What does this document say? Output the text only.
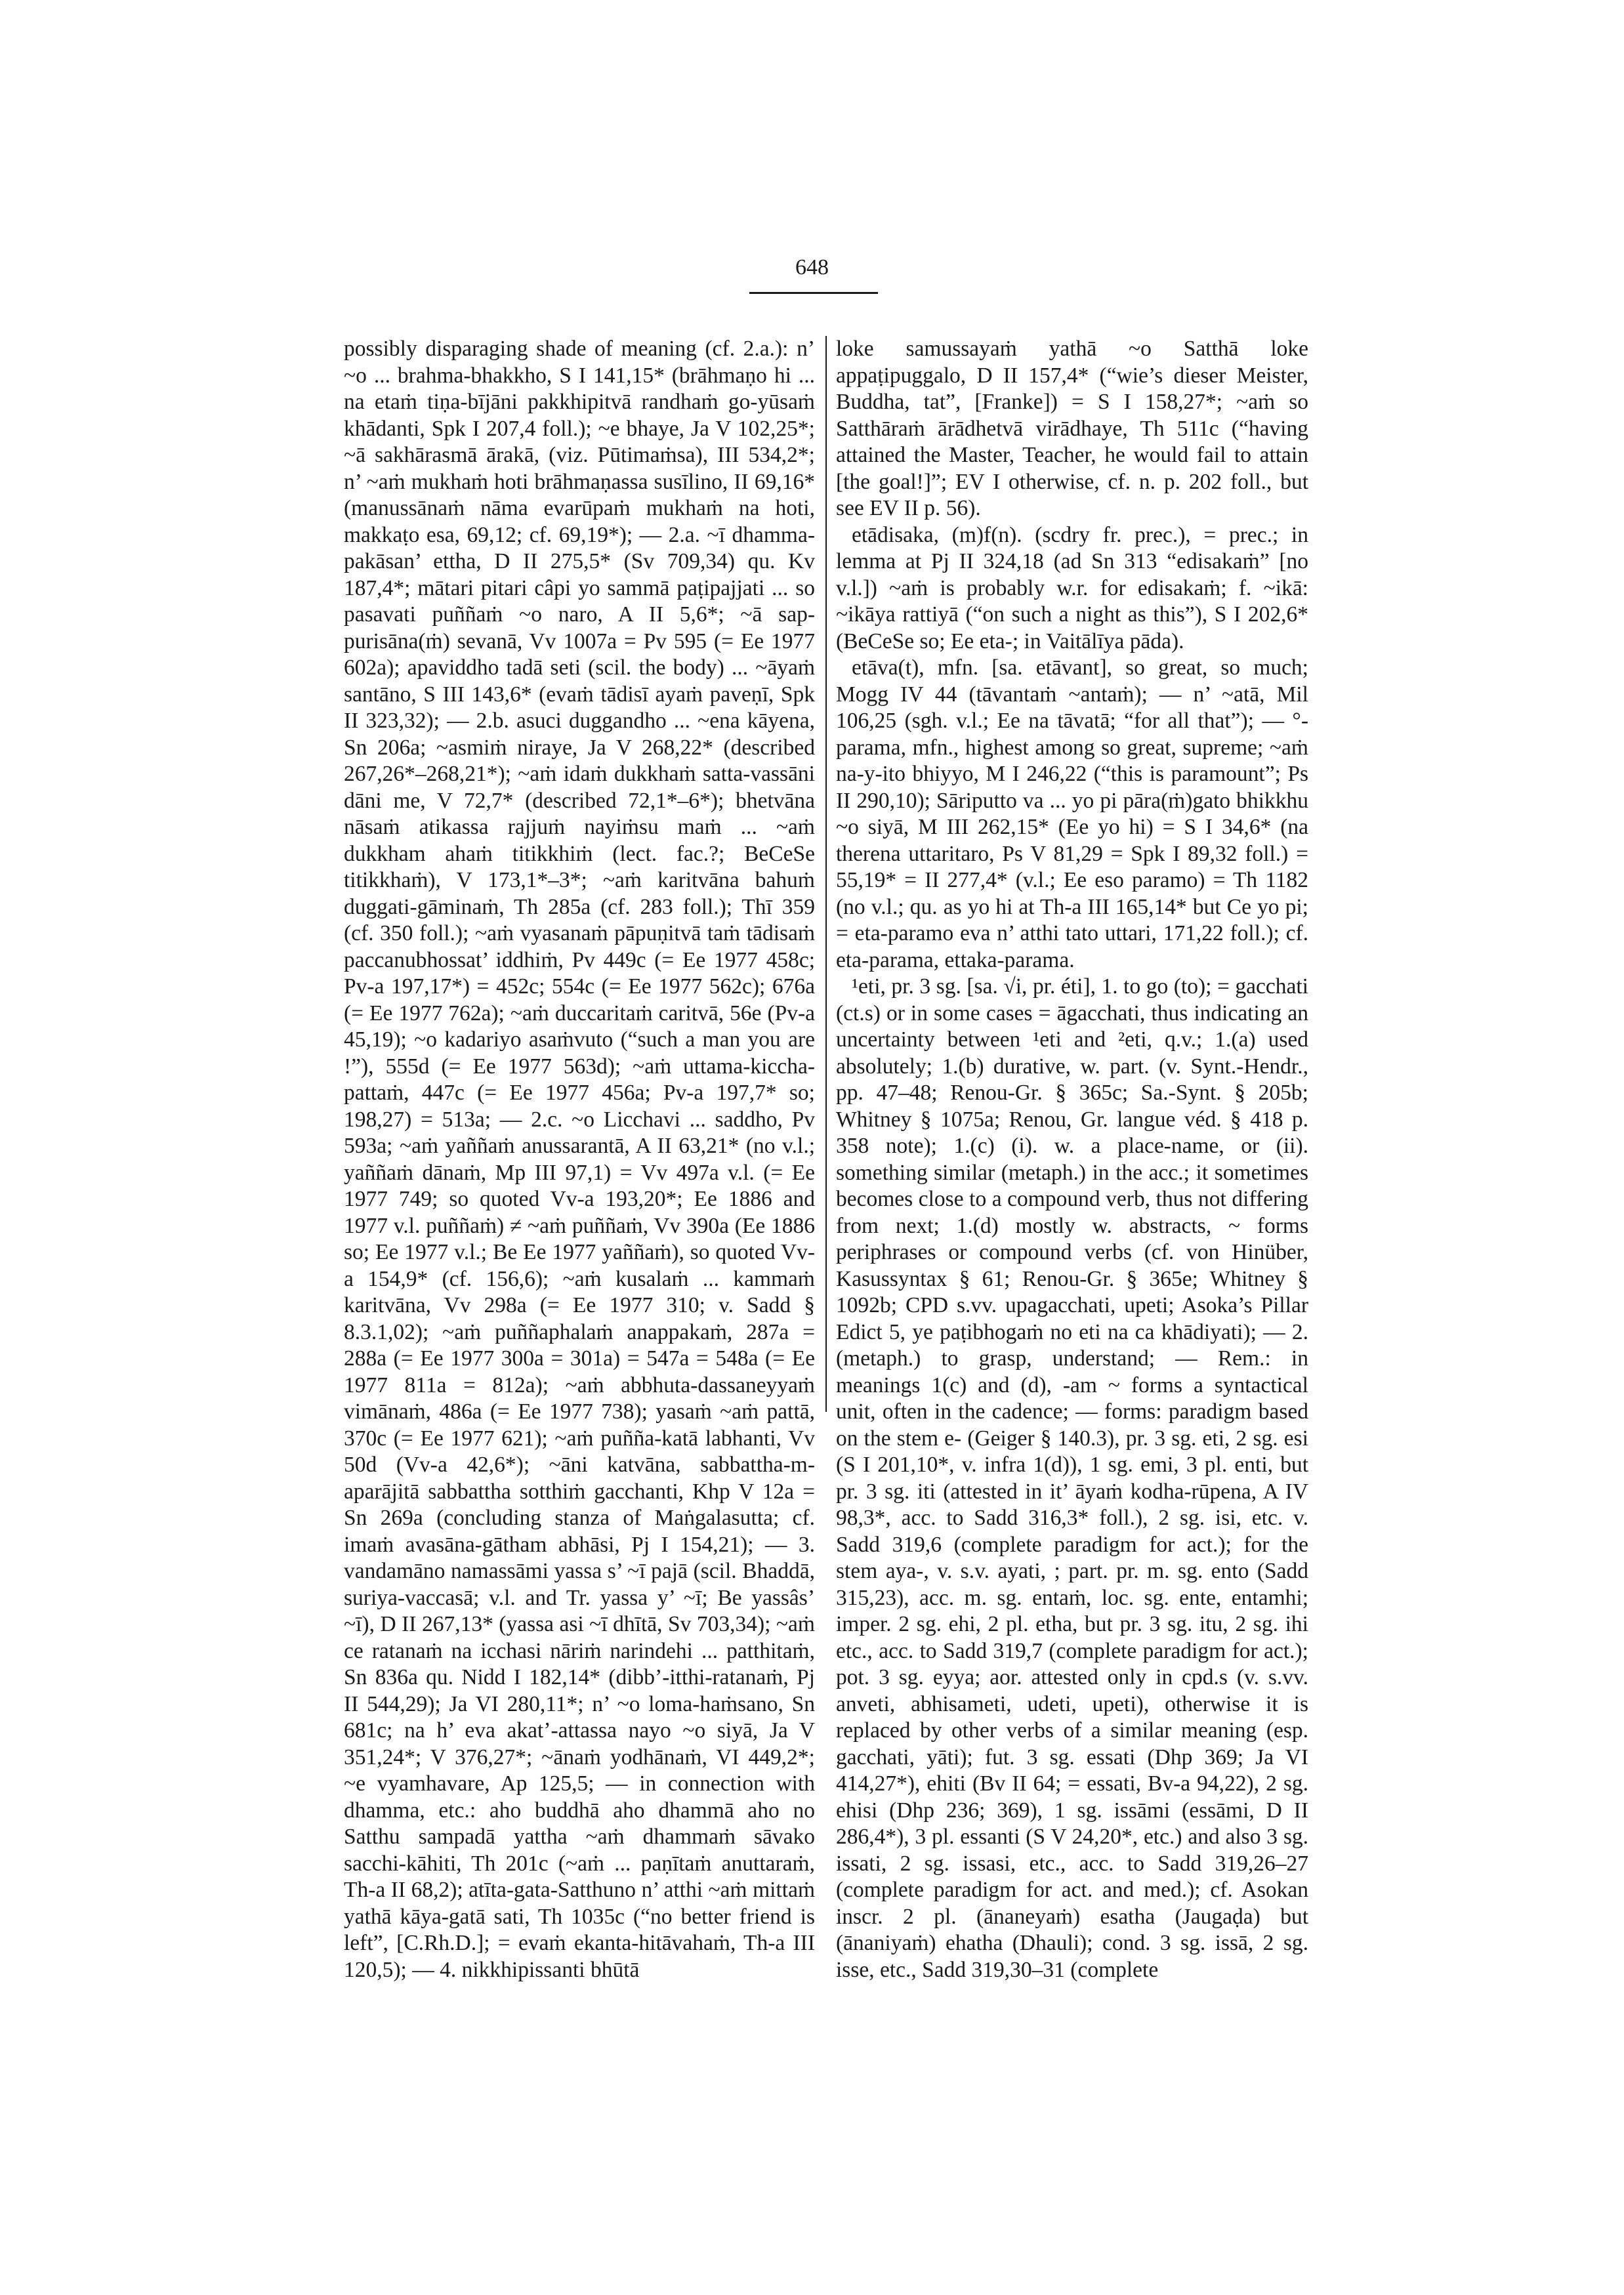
648

possibly disparaging shade of meaning (cf. 2.a.): n’ ~o ... brahma-bhakkho, S I 141,15* (brāhmaṇo hi ... na etaṁ tiṇa-bījāni pakkhipitvā randhaṁ go-yūsaṁ khādanti, Spk I 207,4 foll.); ~e bhaye, Ja V 102,25*; ~ā sakhārasmā ārakā, (viz. Pūtimaṁsa), III 534,2*; n’ ~aṁ mukhaṁ hoti brāhmaṇassa susīlino, II 69,16* (manussānaṁ nāma evarūpaṁ mukhaṁ na hoti, makkaṭo esa, 69,12; cf. 69,19*); — 2.a. ~ī dhamma-pakāsan’ ettha, D II 275,5* (Sv 709,34) qu. Kv 187,4*; mātari pitari câpi yo sammā paṭipajjati ... so pasavati puññaṁ ~o naro, A II 5,6*; ~ā sap-purisāna(ṁ) sevanā, Vv 1007a = Pv 595 (= Ee 1977 602a); apaviddho tadā seti (scil. the body) ... ~āyaṁ santāno, S III 143,6* (evaṁ tādisī ayaṁ paveṇī, Spk II 323,32); — 2.b. asuci duggandho ... ~ena kāyena, Sn 206a; ~asmiṁ niraye, Ja V 268,22* (described 267,26*–268,21*); ~aṁ idaṁ dukkhaṁ satta-vassāni dāni me, V 72,7* (described 72,1*–6*); bhetvāna nāsaṁ atikassa rajjuṁ nayiṁsu maṁ ... ~aṁ dukkham ahaṁ titikkhiṁ (lect. fac.?; BeCeSe titikkhaṁ), V 173,1*–3*; ~aṁ karitvāna bahuṁ duggati-gāminaṁ, Th 285a (cf. 283 foll.); Thī 359 (cf. 350 foll.); ~aṁ vyasanaṁ pāpuṇitvā taṁ tādisaṁ paccanubhossat’ iddhiṁ, Pv 449c (= Ee 1977 458c; Pv-a 197,17*) = 452c; 554c (= Ee 1977 562c); 676a (= Ee 1977 762a); ~aṁ duccaritaṁ caritvā, 56e (Pv-a 45,19); ~o kadariyo asaṁvuto (“such a man you are !”), 555d (= Ee 1977 563d); ~aṁ uttama-kiccha-pattaṁ, 447c (= Ee 1977 456a; Pv-a 197,7* so; 198,27) = 513a; — 2.c. ~o Licchavi ... saddho, Pv 593a; ~aṁ yaññaṁ anussarantā, A II 63,21* (no v.l.; yaññaṁ dānaṁ, Mp III 97,1) = Vv 497a v.l. (= Ee 1977 749; so quoted Vv-a 193,20*; Ee 1886 and 1977 v.l. puññaṁ) ≠ ~aṁ puññaṁ, Vv 390a (Ee 1886 so; Ee 1977 v.l.; Be Ee 1977 yaññaṁ), so quoted Vv-a 154,9* (cf. 156,6); ~aṁ kusalaṁ ... kammaṁ karitvāna, Vv 298a (= Ee 1977 310; v. Sadd § 8.3.1,02); ~aṁ puññaphalaṁ anappakaṁ, 287a = 288a (= Ee 1977 300a = 301a) = 547a = 548a (= Ee 1977 811a = 812a); ~aṁ abbhuta-dassaneyyaṁ vimānaṁ, 486a (= Ee 1977 738); yasaṁ ~aṁ pattā, 370c (= Ee 1977 621); ~aṁ puñña-katā labhanti, Vv 50d (Vv-a 42,6*); ~āni katvāna, sabbattha-m-aparājitā sabbattha sotthiṁ gacchanti, Khp V 12a = Sn 269a (concluding stanza of Maṅgalasutta; cf. imaṁ avasāna-gātham abhāsi, Pj I 154,21); — 3. vandamāno namassāmi yassa s’ ~ī pajā (scil. Bhaddā, suriya-vaccasā; v.l. and Tr. yassa y’ ~ī; Be yassâs’ ~ī), D II 267,13* (yassa asi ~ī dhītā, Sv 703,34); ~aṁ ce ratanaṁ na icchasi nāriṁ narindehi ... patthitaṁ, Sn 836a qu. Nidd I 182,14* (dibb’-itthi-ratanaṁ, Pj II 544,29); Ja VI 280,11*; n’ ~o loma-haṁsano, Sn 681c; na h’ eva akat’-attassa nayo ~o siyā, Ja V 351,24*; V 376,27*; ~ānaṁ yodhānaṁ, VI 449,2*; ~e vyamhavare, Ap 125,5; — in connection with dhamma, etc.: aho buddhā aho dhammā aho no Satthu sampadā yattha ~aṁ dhammaṁ sāvako sacchi-kāhiti, Th 201c (~aṁ ... paṇītaṁ anuttaraṁ, Th-a II 68,2); atīta-gata-Satthuno n’ atthi ~aṁ mittaṁ yathā kāya-gatā sati, Th 1035c (“no better friend is left”, [C.Rh.D.]; = evaṁ ekanta-hitāvahaṁ, Th-a III 120,5); — 4. nikkhipissanti bhūtā

loke samussayaṁ yathā ~o Satthā loke appaṭipuggalo, D II 157,4* (“wie’s dieser Meister, Buddha, tat”, [Franke]) = S I 158,27*; ~aṁ so Satthāraṁ ārādhetvā virādhaye, Th 511c (“having attained the Master, Teacher, he would fail to attain [the goal!]”; EV I otherwise, cf. n. p. 202 foll., but see EV II p. 56).

etādisaka, (m)f(n). (scdry fr. prec.), = prec.; in lemma at Pj II 324,18 (ad Sn 313 “edisakaṁ” [no v.l.]) ~aṁ is probably w.r. for edisakaṁ; f. ~ikā: ~ikāya rattiyā (“on such a night as this”), S I 202,6* (BeCeSe so; Ee eta-; in Vaitālīya pāda).

etāva(t), mfn. [sa. etāvant], so great, so much; Mogg IV 44 (tāvantaṁ ~antaṁ); — n’ ~atā, Mil 106,25 (sgh. v.l.; Ee na tāvatā; “for all that”); — °-parama, mfn., highest among so great, supreme; ~aṁ na-y-ito bhiyyo, M I 246,22 (“this is paramount”; Ps II 290,10); Sāriputto va ... yo pi pāra(ṁ)gato bhikkhu ~o siyā, M III 262,15* (Ee yo hi) = S I 34,6* (na therena uttaritaro, Ps V 81,29 = Spk I 89,32 foll.) = 55,19* = II 277,4* (v.l.; Ee eso paramo) = Th 1182 (no v.l.; qu. as yo hi at Th-a III 165,14* but Ce yo pi; = eta-paramo eva n’ atthi tato uttari, 171,22 foll.); cf. eta-parama, ettaka-parama.

¹eti, pr. 3 sg. [sa. √i, pr. éti], 1. to go (to); = gacchati (ct.s) or in some cases = āgacchati, thus indicating an uncertainty between ¹eti and ²eti, q.v.; 1.(a) used absolutely; 1.(b) durative, w. part. (v. Synt.-Hendr., pp. 47–48; Renou-Gr. § 365c; Sa.-Synt. § 205b; Whitney § 1075a; Renou, Gr. langue véd. § 418 p. 358 note); 1.(c) (i). w. a place-name, or (ii). something similar (metaph.) in the acc.; it sometimes becomes close to a compound verb, thus not differing from next; 1.(d) mostly w. abstracts, ~ forms periphrases or compound verbs (cf. von Hinüber, Kasussyntax § 61; Renou-Gr. § 365e; Whitney § 1092b; CPD s.vv. upagacchati, upeti; Asoka’s Pillar Edict 5, ye paṭibhogaṁ no eti na ca khādiyati); — 2. (metaph.) to grasp, understand; — Rem.: in meanings 1(c) and (d), -am ~ forms a syntactical unit, often in the cadence; — forms: paradigm based on the stem e- (Geiger § 140.3), pr. 3 sg. eti, 2 sg. esi (S I 201,10*, v. infra 1(d)), 1 sg. emi, 3 pl. enti, but pr. 3 sg. iti (attested in it’ āyaṁ kodha-rūpena, A IV 98,3*, acc. to Sadd 316,3* foll.), 2 sg. isi, etc. v. Sadd 319,6 (complete paradigm for act.); for the stem aya-, v. s.v. ayati, ; part. pr. m. sg. ento (Sadd 315,23), acc. m. sg. entaṁ, loc. sg. ente, entamhi; imper. 2 sg. ehi, 2 pl. etha, but pr. 3 sg. itu, 2 sg. ihi etc., acc. to Sadd 319,7 (complete paradigm for act.); pot. 3 sg. eyya; aor. attested only in cpd.s (v. s.vv. anveti, abhisameti, udeti, upeti), otherwise it is replaced by other verbs of a similar meaning (esp. gacchati, yāti); fut. 3 sg. essati (Dhp 369; Ja VI 414,27*), ehiti (Bv II 64; = essati, Bv-a 94,22), 2 sg. ehisi (Dhp 236; 369), 1 sg. issāmi (essāmi, D II 286,4*), 3 pl. essanti (S V 24,20*, etc.) and also 3 sg. issati, 2 sg. issasi, etc., acc. to Sadd 319,26–27 (complete paradigm for act. and med.); cf. Asokan inscr. 2 pl. (ānaneyaṁ) esatha (Jaugaḍa) but (ānaniyaṁ) ehatha (Dhauli); cond. 3 sg. issā, 2 sg. isse, etc., Sadd 319,30–31 (complete
